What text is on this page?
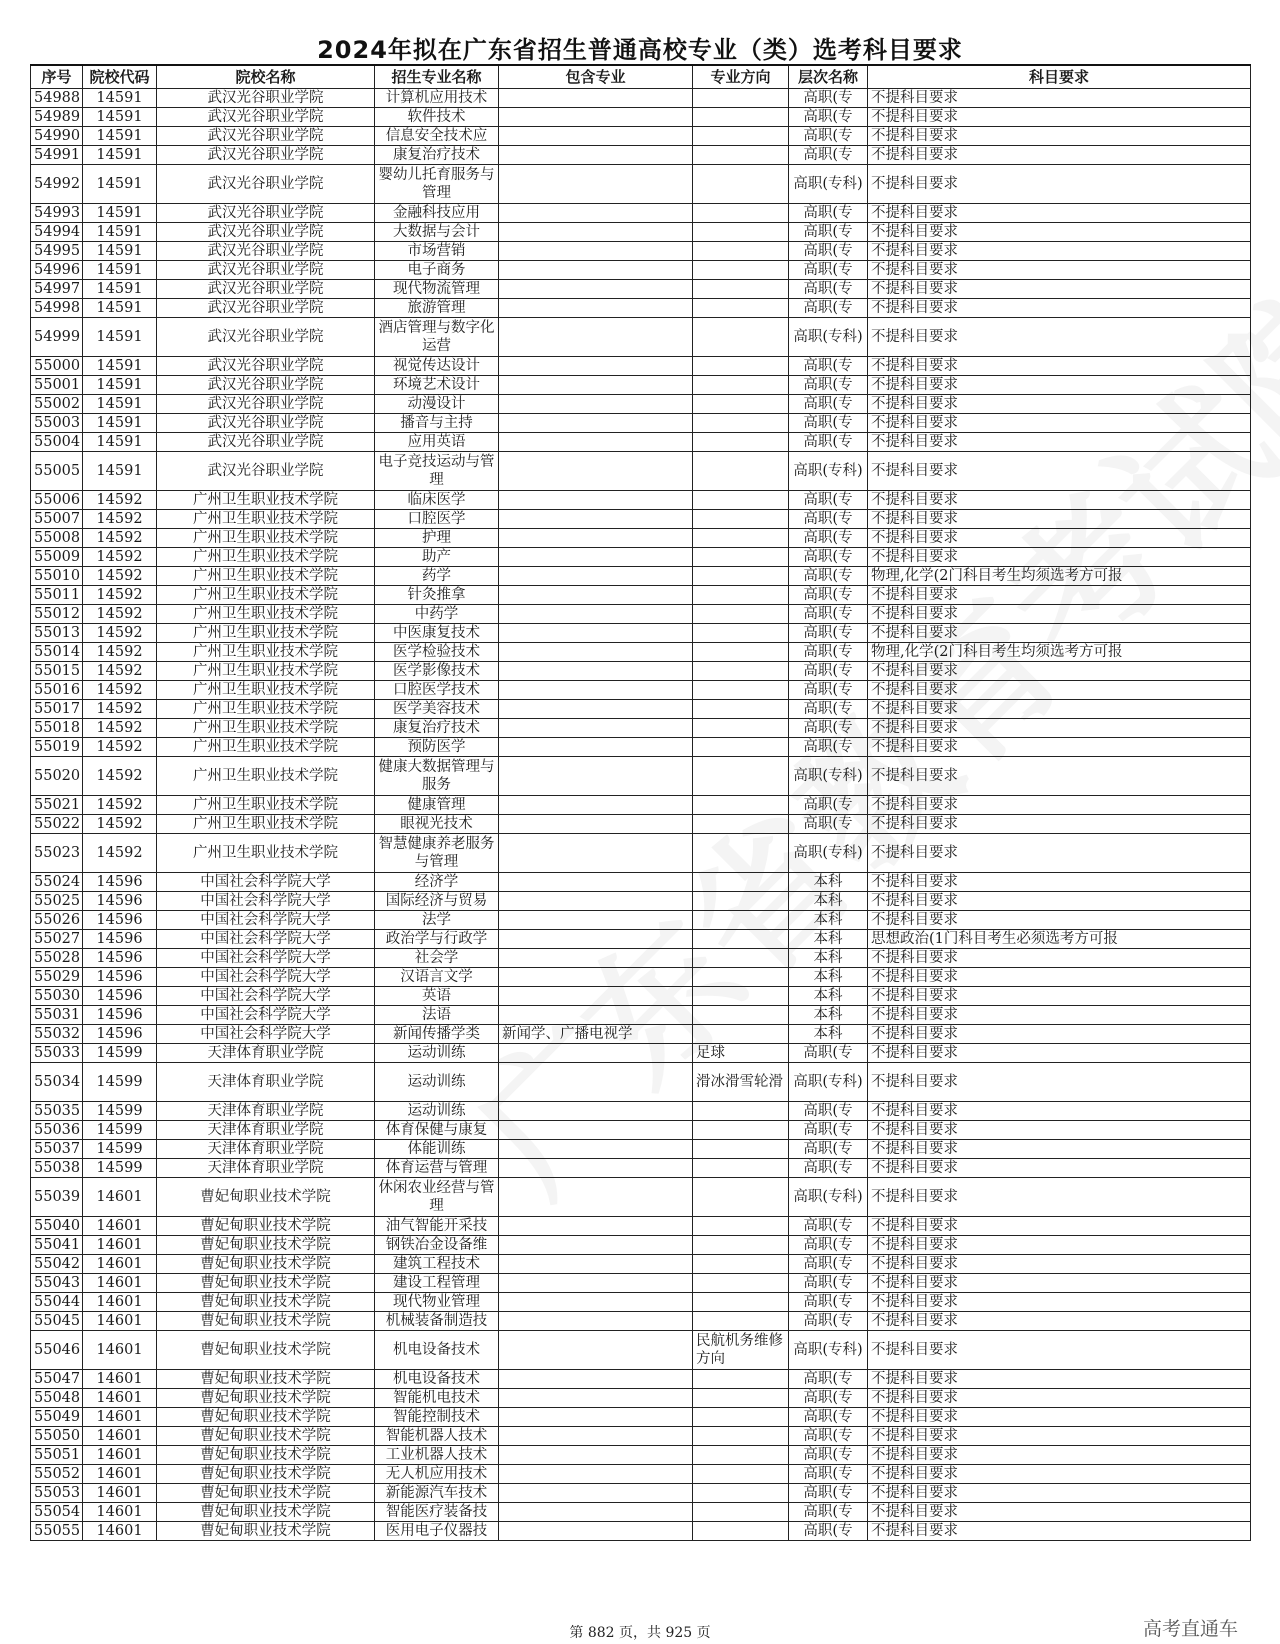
2024年拟在广东省招生普通高校专业（类）选考科目要求
序号	院校代码	院校名称	招生专业名称	包含专业	专业方向	层次名称	科目要求
54988	14591	武汉光谷职业学院	计算机应用技术			高职(专	不提科目要求
54989	14591	武汉光谷职业学院	软件技术			高职(专	不提科目要求
54990	14591	武汉光谷职业学院	信息安全技术应			高职(专	不提科目要求
54991	14591	武汉光谷职业学院	康复治疗技术			高职(专	不提科目要求
54992	14591	武汉光谷职业学院	婴幼儿托育服务与管理			高职(专科)	不提科目要求
54993	14591	武汉光谷职业学院	金融科技应用			高职(专	不提科目要求
54994	14591	武汉光谷职业学院	大数据与会计			高职(专	不提科目要求
54995	14591	武汉光谷职业学院	市场营销			高职(专	不提科目要求
54996	14591	武汉光谷职业学院	电子商务			高职(专	不提科目要求
54997	14591	武汉光谷职业学院	现代物流管理			高职(专	不提科目要求
54998	14591	武汉光谷职业学院	旅游管理			高职(专	不提科目要求
54999	14591	武汉光谷职业学院	酒店管理与数字化运营			高职(专科)	不提科目要求
55000	14591	武汉光谷职业学院	视觉传达设计			高职(专	不提科目要求
55001	14591	武汉光谷职业学院	环境艺术设计			高职(专	不提科目要求
55002	14591	武汉光谷职业学院	动漫设计			高职(专	不提科目要求
55003	14591	武汉光谷职业学院	播音与主持			高职(专	不提科目要求
55004	14591	武汉光谷职业学院	应用英语			高职(专	不提科目要求
55005	14591	武汉光谷职业学院	电子竞技运动与管理			高职(专科)	不提科目要求
55006	14592	广州卫生职业技术学院	临床医学			高职(专	不提科目要求
55007	14592	广州卫生职业技术学院	口腔医学			高职(专	不提科目要求
55008	14592	广州卫生职业技术学院	护理			高职(专	不提科目要求
55009	14592	广州卫生职业技术学院	助产			高职(专	不提科目要求
55010	14592	广州卫生职业技术学院	药学			高职(专	物理,化学(2门科目考生均须选考方可报
55011	14592	广州卫生职业技术学院	针灸推拿			高职(专	不提科目要求
55012	14592	广州卫生职业技术学院	中药学			高职(专	不提科目要求
55013	14592	广州卫生职业技术学院	中医康复技术			高职(专	不提科目要求
55014	14592	广州卫生职业技术学院	医学检验技术			高职(专	物理,化学(2门科目考生均须选考方可报
55015	14592	广州卫生职业技术学院	医学影像技术			高职(专	不提科目要求
55016	14592	广州卫生职业技术学院	口腔医学技术			高职(专	不提科目要求
55017	14592	广州卫生职业技术学院	医学美容技术			高职(专	不提科目要求
55018	14592	广州卫生职业技术学院	康复治疗技术			高职(专	不提科目要求
55019	14592	广州卫生职业技术学院	预防医学			高职(专	不提科目要求
55020	14592	广州卫生职业技术学院	健康大数据管理与服务			高职(专科)	不提科目要求
55021	14592	广州卫生职业技术学院	健康管理			高职(专	不提科目要求
55022	14592	广州卫生职业技术学院	眼视光技术			高职(专	不提科目要求
55023	14592	广州卫生职业技术学院	智慧健康养老服务与管理			高职(专科)	不提科目要求
55024	14596	中国社会科学院大学	经济学			本科	不提科目要求
55025	14596	中国社会科学院大学	国际经济与贸易			本科	不提科目要求
55026	14596	中国社会科学院大学	法学			本科	不提科目要求
55027	14596	中国社会科学院大学	政治学与行政学			本科	思想政治(1门科目考生必须选考方可报
55028	14596	中国社会科学院大学	社会学			本科	不提科目要求
55029	14596	中国社会科学院大学	汉语言文学			本科	不提科目要求
55030	14596	中国社会科学院大学	英语			本科	不提科目要求
55031	14596	中国社会科学院大学	法语			本科	不提科目要求
55032	14596	中国社会科学院大学	新闻传播学类	新闻学、广播电视学		本科	不提科目要求
55033	14599	天津体育职业学院	运动训练		足球	高职(专	不提科目要求
55034	14599	天津体育职业学院	运动训练		滑冰滑雪轮滑	高职(专科)	不提科目要求
55035	14599	天津体育职业学院	运动训练			高职(专	不提科目要求
55036	14599	天津体育职业学院	体育保健与康复			高职(专	不提科目要求
55037	14599	天津体育职业学院	体能训练			高职(专	不提科目要求
55038	14599	天津体育职业学院	体育运营与管理			高职(专	不提科目要求
55039	14601	曹妃甸职业技术学院	休闲农业经营与管理			高职(专科)	不提科目要求
55040	14601	曹妃甸职业技术学院	油气智能开采技			高职(专	不提科目要求
55041	14601	曹妃甸职业技术学院	钢铁冶金设备维			高职(专	不提科目要求
55042	14601	曹妃甸职业技术学院	建筑工程技术			高职(专	不提科目要求
55043	14601	曹妃甸职业技术学院	建设工程管理			高职(专	不提科目要求
55044	14601	曹妃甸职业技术学院	现代物业管理			高职(专	不提科目要求
55045	14601	曹妃甸职业技术学院	机械装备制造技			高职(专	不提科目要求
55046	14601	曹妃甸职业技术学院	机电设备技术		民航机务维修方向	高职(专科)	不提科目要求
55047	14601	曹妃甸职业技术学院	机电设备技术			高职(专	不提科目要求
55048	14601	曹妃甸职业技术学院	智能机电技术			高职(专	不提科目要求
55049	14601	曹妃甸职业技术学院	智能控制技术			高职(专	不提科目要求
55050	14601	曹妃甸职业技术学院	智能机器人技术			高职(专	不提科目要求
55051	14601	曹妃甸职业技术学院	工业机器人技术			高职(专	不提科目要求
55052	14601	曹妃甸职业技术学院	无人机应用技术			高职(专	不提科目要求
55053	14601	曹妃甸职业技术学院	新能源汽车技术			高职(专	不提科目要求
55054	14601	曹妃甸职业技术学院	智能医疗装备技			高职(专	不提科目要求
55055	14601	曹妃甸职业技术学院	医用电子仪器技			高职(专	不提科目要求
第 882 页，共 925 页	高考直通车
